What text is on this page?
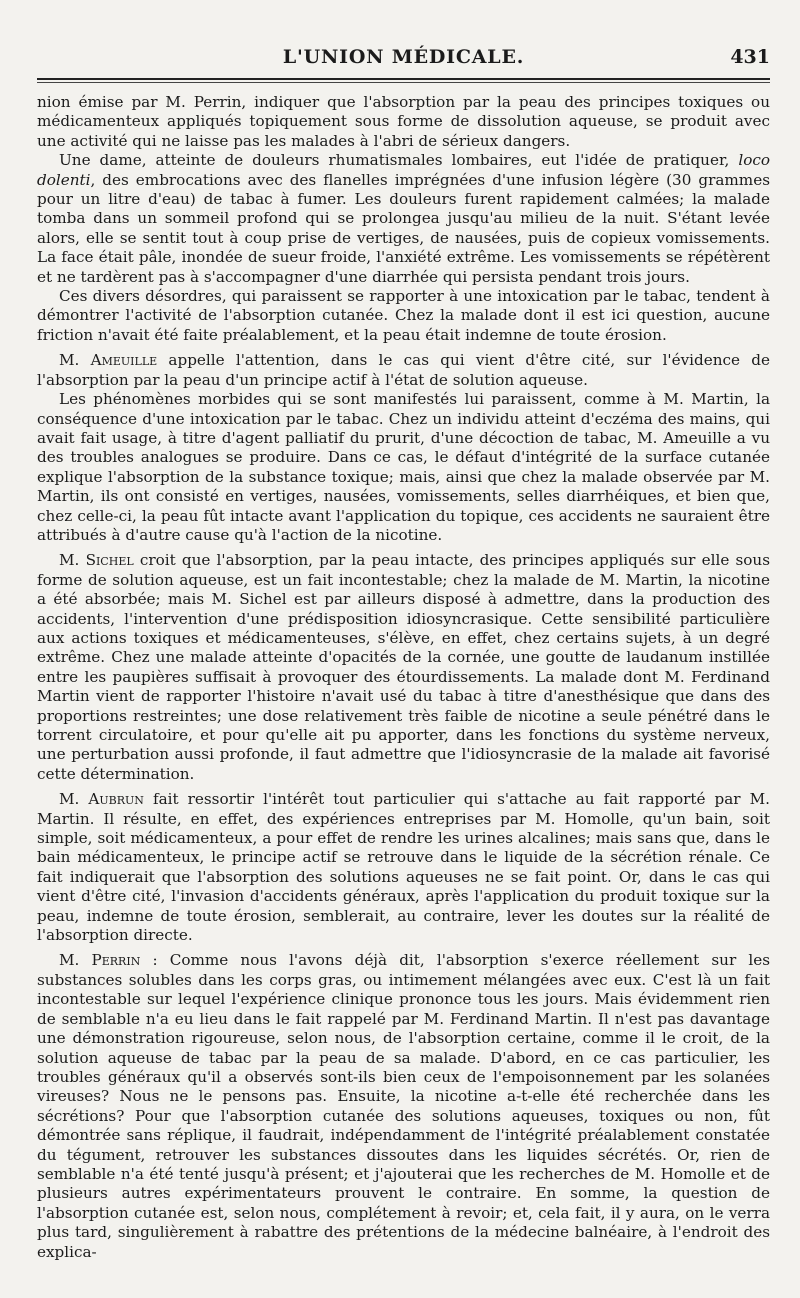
L'UNION MÉDICALE.	431

nion émise par M. Perrin, indiquer que l'absorption par la peau des principes toxiques ou médicamenteux appliqués topiquement sous forme de dissolution aqueuse, se produit avec une activité qui ne laisse pas les malades à l'abri de sérieux dangers.

Une dame, atteinte de douleurs rhumatismales lombaires, eut l'idée de pratiquer, loco dolenti, des embrocations avec des flanelles imprégnées d'une infusion légère (30 grammes pour un litre d'eau) de tabac à fumer. Les douleurs furent rapidement calmées; la malade tomba dans un sommeil profond qui se prolongea jusqu'au milieu de la nuit. S'étant levée alors, elle se sentit tout à coup prise de vertiges, de nausées, puis de copieux vomissements. La face était pâle, inondée de sueur froide, l'anxiété extrême. Les vomissements se répétèrent et ne tardèrent pas à s'accompagner d'une diarrhée qui persista pendant trois jours.

Ces divers désordres, qui paraissent se rapporter à une intoxication par le tabac, tendent à démontrer l'activité de l'absorption cutanée. Chez la malade dont il est ici question, aucune friction n'avait été faite préalablement, et la peau était indemne de toute érosion.

M. Ameuille appelle l'attention, dans le cas qui vient d'être cité, sur l'évidence de l'absorption par la peau d'un principe actif à l'état de solution aqueuse.

Les phénomènes morbides qui se sont manifestés lui paraissent, comme à M. Martin, la conséquence d'une intoxication par le tabac. Chez un individu atteint d'eczéma des mains, qui avait fait usage, à titre d'agent palliatif du prurit, d'une décoction de tabac, M. Ameuille a vu des troubles analogues se produire. Dans ce cas, le défaut d'intégrité de la surface cutanée explique l'absorption de la substance toxique; mais, ainsi que chez la malade observée par M. Martin, ils ont consisté en vertiges, nausées, vomissements, selles diarrhéiques, et bien que, chez celle-ci, la peau fût intacte avant l'application du topique, ces accidents ne sauraient être attribués à d'autre cause qu'à l'action de la nicotine.

M. Sichel croit que l'absorption, par la peau intacte, des principes appliqués sur elle sous forme de solution aqueuse, est un fait incontestable; chez la malade de M. Martin, la nicotine a été absorbée; mais M. Sichel est par ailleurs disposé à admettre, dans la production des accidents, l'intervention d'une prédisposition idiosyncrasique. Cette sensibilité particulière aux actions toxiques et médicamenteuses, s'élève, en effet, chez certains sujets, à un degré extrême. Chez une malade atteinte d'opacités de la cornée, une goutte de laudanum instillée entre les paupières suffisait à provoquer des étourdissements. La malade dont M. Ferdinand Martin vient de rapporter l'histoire n'avait usé du tabac à titre d'anesthésique que dans des proportions restreintes; une dose relativement très faible de nicotine a seule pénétré dans le torrent circulatoire, et pour qu'elle ait pu apporter, dans les fonctions du système nerveux, une perturbation aussi profonde, il faut admettre que l'idiosyncrasie de la malade ait favorisé cette détermination.

M. Aubrun fait ressortir l'intérêt tout particulier qui s'attache au fait rapporté par M. Martin. Il résulte, en effet, des expériences entreprises par M. Homolle, qu'un bain, soit simple, soit médicamenteux, a pour effet de rendre les urines alcalines; mais sans que, dans le bain médicamenteux, le principe actif se retrouve dans le liquide de la sécrétion rénale. Ce fait indiquerait que l'absorption des solutions aqueuses ne se fait point. Or, dans le cas qui vient d'être cité, l'invasion d'accidents généraux, après l'application du produit toxique sur la peau, indemne de toute érosion, semblerait, au contraire, lever les doutes sur la réalité de l'absorption directe.

M. Perrin : Comme nous l'avons déjà dit, l'absorption s'exerce réellement sur les substances solubles dans les corps gras, ou intimement mélangées avec eux. C'est là un fait incontestable sur lequel l'expérience clinique prononce tous les jours. Mais évidemment rien de semblable n'a eu lieu dans le fait rappelé par M. Ferdinand Martin. Il n'est pas davantage une démonstration rigoureuse, selon nous, de l'absorption certaine, comme il le croit, de la solution aqueuse de tabac par la peau de sa malade. D'abord, en ce cas particulier, les troubles généraux qu'il a observés sont-ils bien ceux de l'empoisonnement par les solanées vireuses? Nous ne le pensons pas. Ensuite, la nicotine a-t-elle été recherchée dans les sécrétions? Pour que l'absorption cutanée des solutions aqueuses, toxiques ou non, fût démontrée sans réplique, il faudrait, indépendamment de l'intégrité préalablement constatée du tégument, retrouver les substances dissoutes dans les liquides sécrétés. Or, rien de semblable n'a été tenté jusqu'à présent; et j'ajouterai que les recherches de M. Homolle et de plusieurs autres expérimentateurs prouvent le contraire. En somme, la question de l'absorption cutanée est, selon nous, complétement à revoir; et, cela fait, il y aura, on le verra plus tard, singulièrement à rabattre des prétentions de la médecine balnéaire, à l'endroit des explica-
